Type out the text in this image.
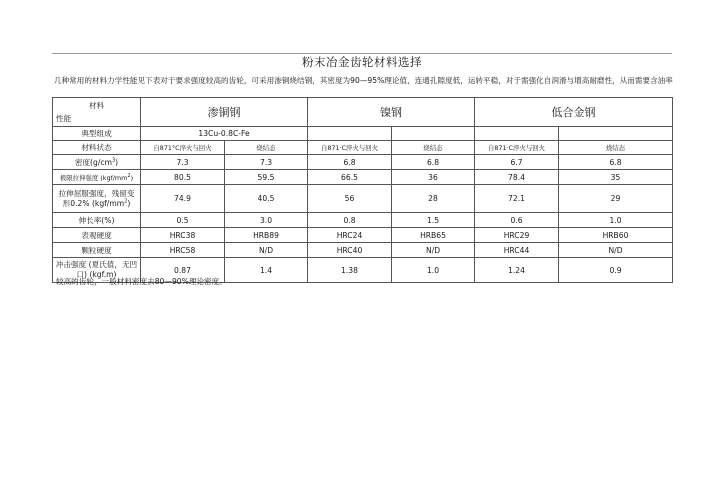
粉末冶金齿轮材料选择
几种常用的材料力学性能见下表对于要求强度较高的齿轮，可采用渗铜烧结钢，其密度为90—95%理论值，连通孔隙度低，运转平稳，对于需强化自润滑与增高耐磨性，从而需要含油率
材料
性能	渗铜钢		镍钢		低合金钢	
典型组成	13Cu-0.8C-Fe					
材料状态	自871°C淬火与回火	烧结态	自871·C淬火与回火	烧结态	自871·C淬火与回火	烧结态
密度$(g/cm^3)$	7.3	7.3	6.8	6.8	6.7	6.8
极限拉伸强度 $(kgf/mm^2)$	80.5	59.5	66.5	36	78.4	35
拉伸屈服强度，残留变形0.2% $(kgf/mm^2)$	74.9	40.5	56	28	72.1	29
伸长率(%)	0.5	3.0	0.8	1.5	0.6	1.0
表观硬度	HRC38	HRB89	HRC24	HRB65	HRC29	HRB60
颗粒硬度	HRC58	N/D	HRC40	N/D	HRC44	N/D
冲击强度 (夏氏值，无凹口) (kgf.m)	0.87	1.4	1.38	1.0	1.24	0.9
较高的齿轮，一般材料密度去80—90%理论密度。
